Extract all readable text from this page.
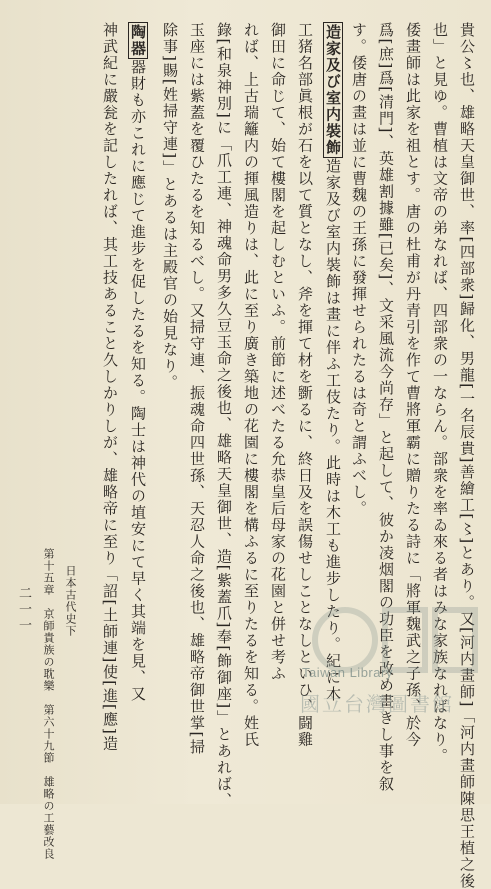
貴公〻也、雄略天皇御世、率[四部衆]歸化、男龍[一名辰貴]善繪工[〻]とあり。又[河内畫師]「河内畫師陳思王植之後
也」と見ゆ。曹植は文帝の弟なれば、四部衆の一ならん。部衆を率ゐ來る者はみな家族なればなり。
倭畫師は此家を祖とす。唐の杜甫が丹青引を作て曹將軍霸に贈りたる詩に「將軍魏武之子孫、於今
爲[庶]爲[清門]、英雄割據雖[已矣]、文采風流今尚存」と起して、彼か凌烟閣の功臣を改め畫きし事を叙
す。倭唐の畫は並に曹魏の王孫に發揮せられたるは奇と謂ふべし。
造家及び室内裝飾造家及び室内裝飾は畫に伴ふ工伎たり。此時は木工も進步したり。紀に木
工猪名部眞根が石を以て質となし、斧を揮て材を斵るに、終日及を誤傷せしことなしといひ、闘雞
御田に命じて、始て樓閣を起しむといふ。前節に述べたる允恭皇后母家の花園と併せ考ふ
れば、上古瑞籬内の揮風造りは、此に至り廣き築地の花園に樓閣を構ふるに至りたるを知る。姓氏
錄[和泉神別]に「爪工連、神魂命男多久豆玉命之後也、雄略天皇御世、造[紫蓋爪]奉[飾御座]」とあれば、
玉座には紫蓋を覆ひたるを知るべし。又掃守連、振魂命四世孫、天忍人命之後也、雄略帝御世掌[掃
除事]賜[姓掃守連]」とあるは主殿官の始見なり。
陶器器財も亦これに應じて進步を促したるを知る。陶士は神代の埴安にて早く其端を見、又
神武紀に嚴瓮を記したれば、其工技あること久しかりしが、雄略帝に至り「詔[土師連]使[進[應]造
日本古代史下
第十五章　京師貴族の耽樂　第六十九節　雄略の工藝改良
二一一
Taiwan Library
國立台灣圖書館
